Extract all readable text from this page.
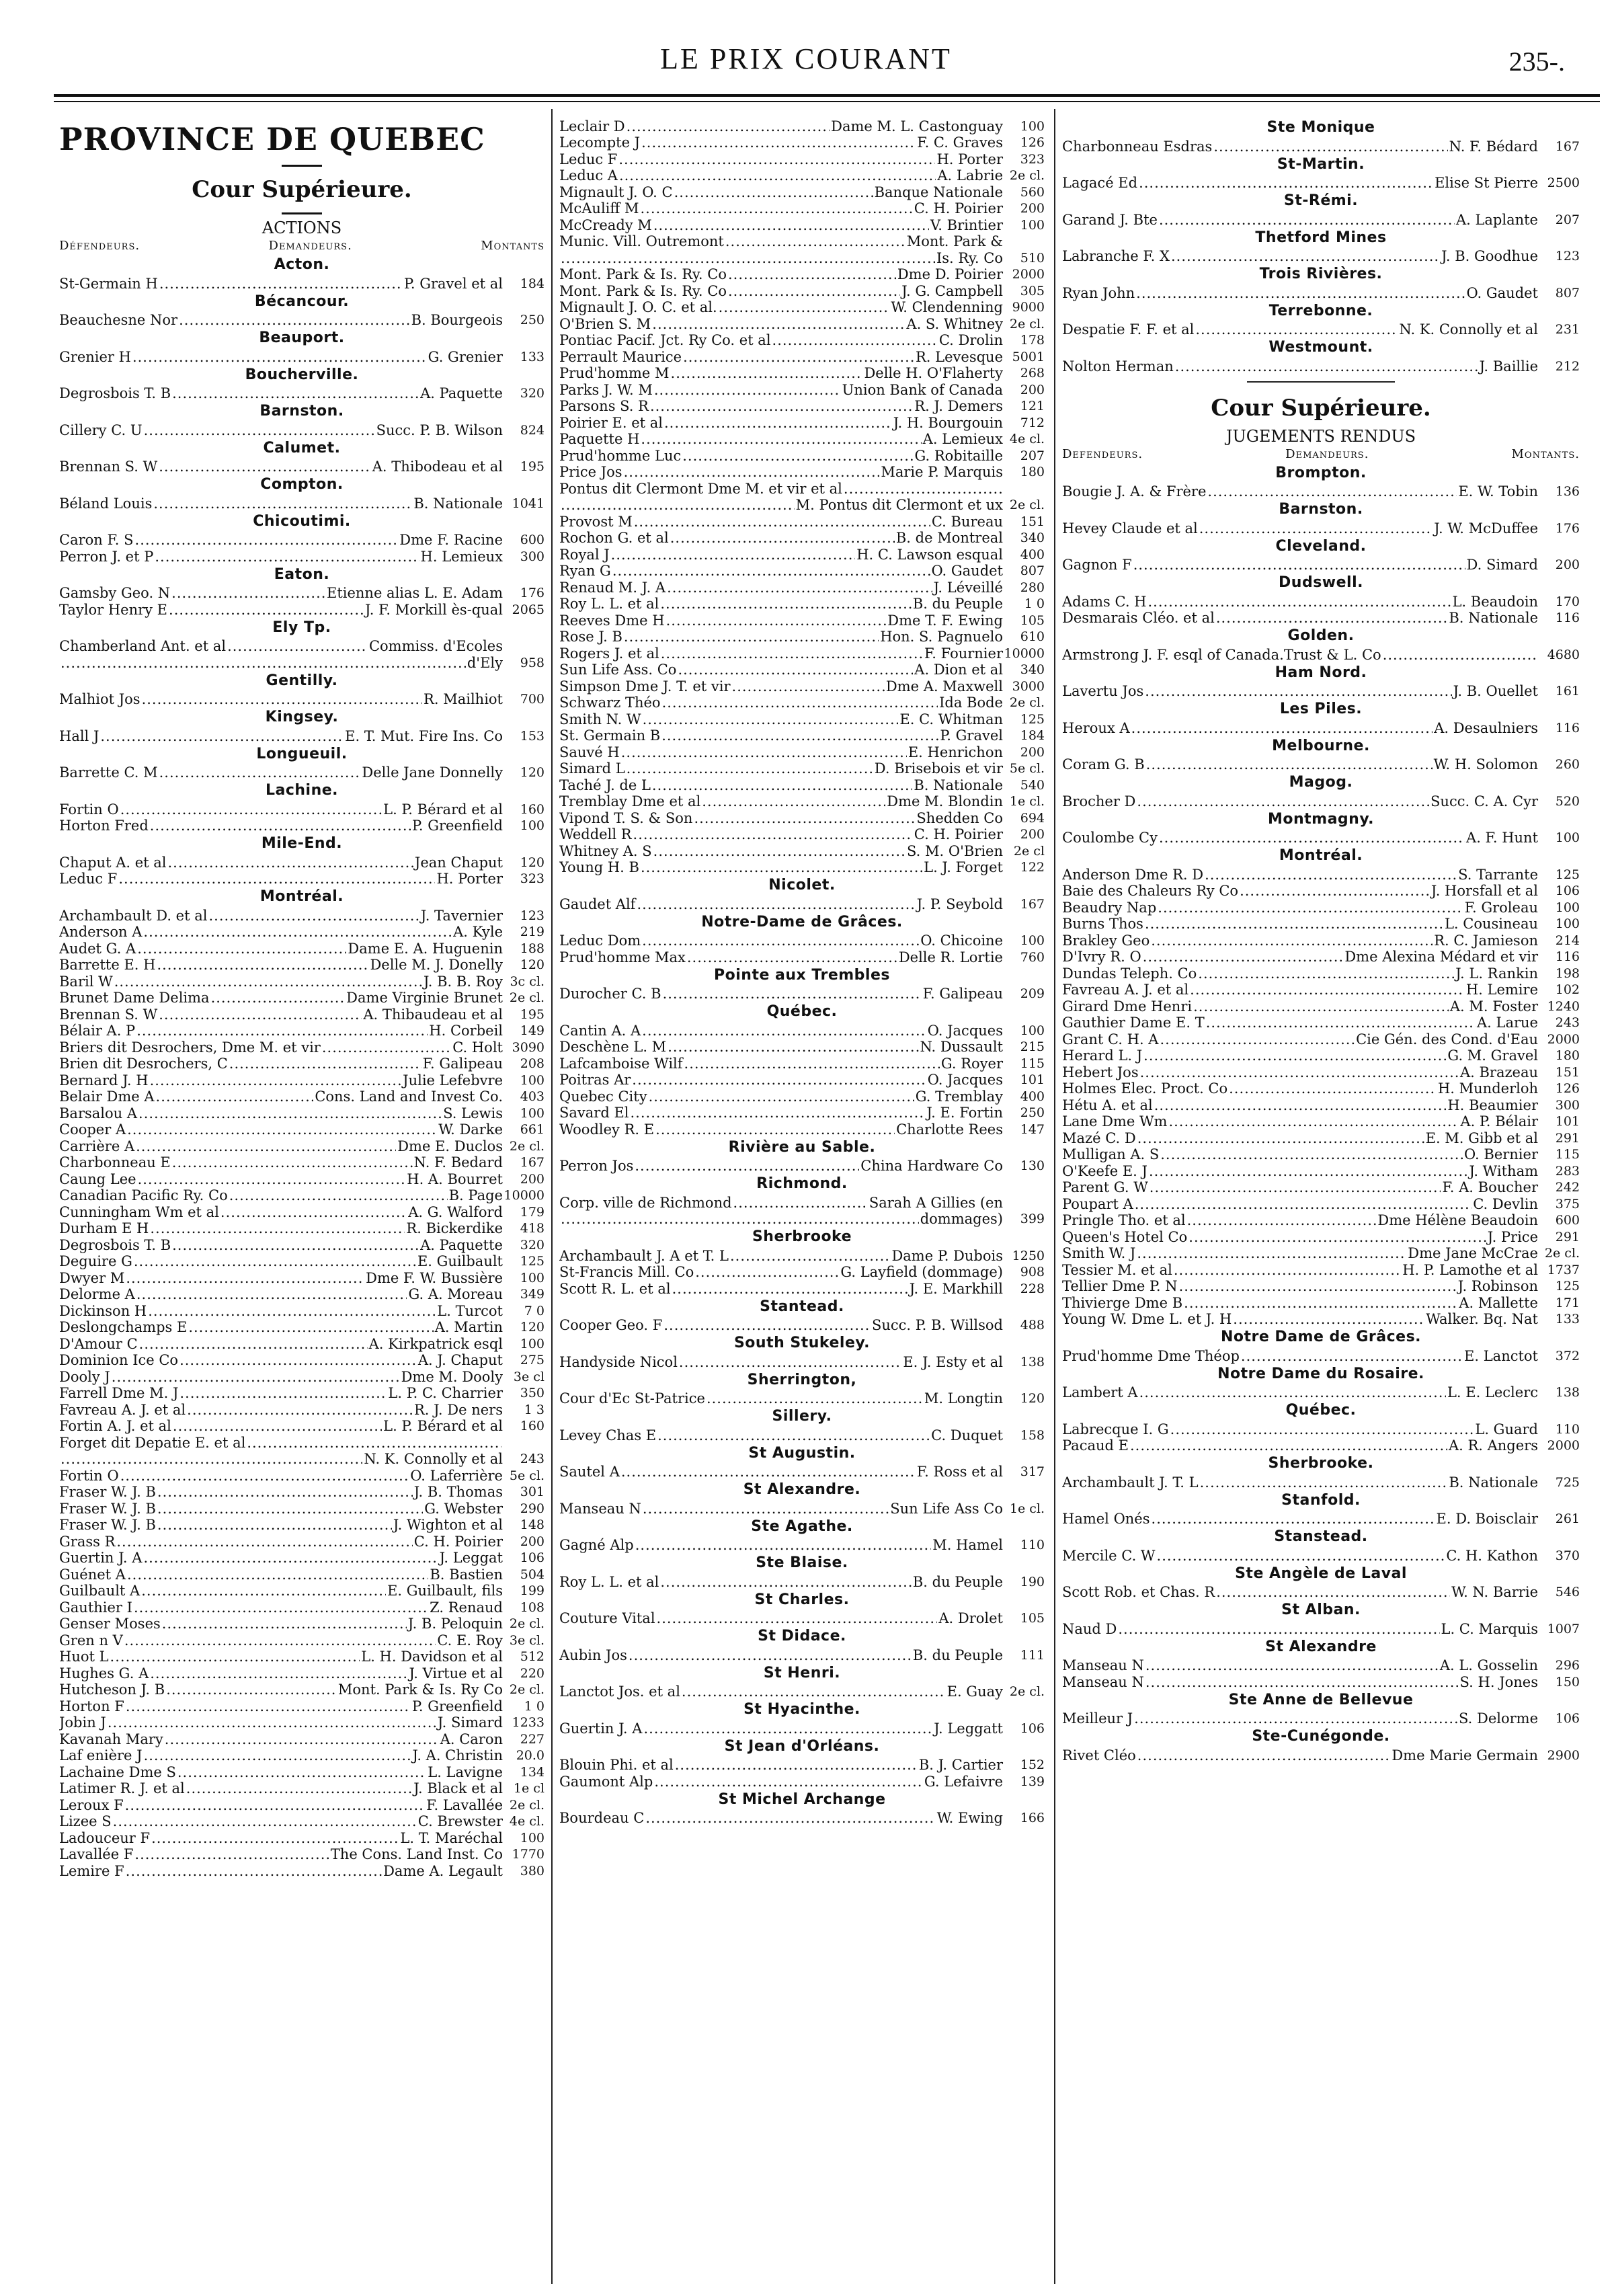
LE PRIX COURANT	235-.
PROVINCE DE QUEBEC
Cour Supérieure.
ACTIONS
Défendeurs.	Demandeurs.	Montants
Acton.
St-Germain H .....	P. Gravel et al	184
Bécancour.
Beauchesne Nor .....	B. Bourgeois	250
Beauport.
Grenier H .....	G. Grenier	133
Boucherville.
Degrosbois T. B .....	A. Paquette	320
Barnston.
Cillery C. U .....	Succ. P. B. Wilson	824
Calumet.
Brennan S. W .....	A. Thibodeau et al	195
Compton.
Béland Louis .....	B. Nationale 1041
Chicoutimi.
Caron F. S .....	Dme F. Racine	600
Perron J. et P .....	H. Lemieux	300
Eaton.
Gamsby Geo. N .....	Etienne alias L. E. Adam	176
Taylor Henry E .....	J. F. Morkill ès-qual 2065
Ely Tp.
Chamberland Ant. et al .....	Commiss. d'Ecoles
.....
d'Ely	958
Gentilly.
Malhiot Jos .....	R. Mailhiot	700
Kingsey.
Hall J .....	E. T. Mut. Fire Ins. Co	153
Longueuil.
Barrette C. M .....	Delle Jane Donnelly	120
Lachine.
Fortin O .....	L. P. Bérard et al	160
Horton Fred .....	P. Greenfield	100
Mile-End.
Chaput A. et al .....	Jean Chaput	120
Leduc F .....	H. Porter	323
Montréal.
Archambault D. et al .....	J. Tavernier	123
Anderson A .....	A. Kyle	219
Audet G. A .....	Dame E. A. Huguenin	188
Barrette E. H .....	Delle M. J. Donelly	120
Baril W .....	J. B. B. Roy 3c cl.
Brunet Dame Delima .....	Dame Virginie Brunet 2e cl.
Brennan S. W .....	A. Thibaudeau et al	195
Bélair A. P .....	H. Corbeil	149
Briers dit Desrochers, Dme M. et vir .....	C. Holt 3090
Brien dit Desrochers, C .....	F. Galipeau	208
Bernard J. H .....	Julie Lefebvre	100
Belair Dme A .....	Cons. Land and Invest Co.	403
Barsalou A .....	S. Lewis	100
Cooper A .....	W. Darke	661
Carrière A .....	Dme E. Duclos 2e cl.
Charbonneau E .....	N. F. Bedard	167
Caung Lee .....	H. A. Bourret	200
Canadian Pacific Ry. Co .....	B. Page 10000
Cunningham Wm et al .....	A. G. Walford	179
Durham E H .....	R. Bickerdike	418
Degrosbois T. B .....	A. Paquette	320
Deguire G .....	E. Guilbault	125
Dwyer M .....	Dme F. W. Bussière	100
Delorme A .....	G. A. Moreau	349
Dickinson H .....	L. Turcot	7 0
Deslongchamps E .....	A. Martin	120
D'Amour C .....	A. Kirkpatrick esql	100
Dominion Ice Co .....	A. J. Chaput	275
Dooly J .....	Dme M. Dooly 3e cl
Farrell Dme M. J .....	L. P. C. Charrier	350
Favreau A. J. et al .....	R. J. De ners	1 3
Fortin A. J. et al .....	L. P. Bérard et al	160
Forget dit Depatie E. et al
.....
.....
N. K. Connolly et al	243
Fortin O .....	O. Laferrière 5e cl.
Fraser W. J. B .....	J. B. Thomas	301
Fraser W. J. B .....	G. Webster	290
Fraser W. J. B .....	J. Wighton et al	148
Grass R .....	C. H. Poirier	200
Guertin J. A .....	J. Leggat	106
Guénet A .....	B. Bastien	504
Guilbault A .....	E. Guilbault, fils	199
Gauthier I .....	Z. Renaud	108
Genser Moses .....	J. B. Peloquin 2e cl.
Gren n V .....	C. E. Roy 3e cl.
Huot L .....	L. H. Davidson et al	512
Hughes G. A .....	J. Virtue et al	220
Hutcheson J. B .....	Mont. Park & Is. Ry Co 2e cl.
Horton F .....	P. Greenfield	1 0
Jobin J .....	J. Simard 1233
Kavanah Mary .....	A. Caron	227
Laf enière J .....	J. A. Christin	20.0
Lachaine Dme S .....	L. Lavigne	134
Latimer R. J. et al .....	J. Black et al 1e cl
Leroux F .....	F. Lavallée 2e cl.
Lizee S .....	C. Brewster 4e cl.
Ladouceur F .....	L. T. Maréchal	100
Lavallée F .....	The Cons. Land Inst. Co 1770
Lemire F .....	Dame A. Legault	380
Leclair D .....	Dame M. L. Castonguay	100
Lecompte J .....	F. C. Graves	126
Leduc F .....	H. Porter	323
Leduc A .....	A. Labrie 2e cl.
Mignault J. O. C .....	Banque Nationale	560
McAuliff M .....	C. H. Poirier	200
McCready M .....	V. Brintier	100
Munic. Vill. Outremont .....	Mont. Park &
.....
Is. Ry. Co	510
Mont. Park & Is. Ry. Co .....	Dme D. Poirier 2000
Mont. Park & Is. Ry. Co .....	J. G. Campbell	305
Mignault J. O. C. et al. .....	W. Clendenning 9000
O'Brien S. M .....	A. S. Whitney 2e cl.
Pontiac Pacif. Jct. Ry Co. et al .....	C. Drolin	178
Perrault Maurice .....	R. Levesque 5001
Prud'homme M .....	Delle H. O'Flaherty	268
Parks J. W. M .....	Union Bank of Canada	200
Parsons S. R .....	R. J. Demers	121
Poirier E. et al .....	J. H. Bourgouin	712
Paquette H .....	A. Lemieux 4e cl.
Prud'homme Luc .....	G. Robitaille	207
Price Jos .....	Marie P. Marquis	180
Pontus dit Clermont Dme M. et vir et al
.....
.....
M. Pontus dit Clermont et ux 2e cl.
Provost M .....	C. Bureau	151
Rochon G. et al .....	B. de Montreal	340
Royal J .....	H. C. Lawson esqual	400
Ryan G .....	O. Gaudet	807
Renaud M. J. A .....	J. Léveillé	280
Roy L. L. et al .....	B. du Peuple	1 0
Reeves Dme H .....	Dme T. F. Ewing	105
Rose J. B .....	Hon. S. Pagnuelo	610
Rogers J. et al .....	F. Fournier 10000
Sun Life Ass. Co .....	A. Dion et al	340
Simpson Dme J. T. et vir .....	Dme A. Maxwell 3000
Schwarz Théo .....	Ida Bode 2e cl.
Smith N. W .....	E. C. Whitman	125
St. Germain B .....	P. Gravel	184
Sauvé H .....	E. Henrichon	200
Simard L .....	D. Brisebois et vir 5e cl.
Taché J. de L .....	B. Nationale	540
Tremblay Dme et al .....	Dme M. Blondin 1e cl.
Vipond T. S. & Son .....	Shedden Co	694
Weddell R .....	C. H. Poirier	200
Whitney A. S .....	S. M. O'Brien 2e cl
Young H. B .....	L. J. Forget	122
Nicolet.
Gaudet Alf .....	J. P. Seybold	167
Notre-Dame de Grâces.
Leduc Dom .....	O. Chicoine	100
Prud'homme Max .....	Delle R. Lortie	760
Pointe aux Trembles
Durocher C. B .....	F. Galipeau	209
Québec.
Cantin A. A .....	O. Jacques	100
Deschène L. M .....	N. Dussault	215
Lafcamboise Wilf .....	G. Royer	115
Poitras Ar .....	O. Jacques	101
Quebec City .....	G. Tremblay	400
Savard El .....	J. E. Fortin	250
Woodley R. E .....	Charlotte Rees	147
Rivière au Sable.
Perron Jos .....	China Hardware Co	130
Richmond.
Corp. ville de Richmond .....	Sarah A Gillies (en
.....
dommages)	399
Sherbrooke
Archambault J. A et T. L .....	Dame P. Dubois 1250
St-Francis Mill. Co .....	G. Layfield (dommage)	908
Scott R. L. et al .....	J. E. Markhill	228
Stantead.
Cooper Geo. F .....	Succ. P. B. Willsod	488
South Stukeley.
Handyside Nicol .....	E. J. Esty et al	138
Sherrington,
Cour d'Ec St-Patrice .....	M. Longtin	120
Sillery.
Levey Chas E .....	C. Duquet	158
St Augustin.
Sautel A .....	F. Ross et al	317
St Alexandre.
Manseau N .....	Sun Life Ass Co 1e cl.
Ste Agathe.
Gagné Alp .....	M. Hamel	110
Ste Blaise.
Roy L. L. et al .....	B. du Peuple	190
St Charles.
Couture Vital .....	A. Drolet	105
St Didace.
Aubin Jos .....	B. du Peuple	111
St Henri.
Lanctot Jos. et al .....	E. Guay 2e cl.
St Hyacinthe.
Guertin J. A .....	J. Leggatt	106
St Jean d'Orléans.
Blouin Phi. et al .....	B. J. Cartier	152
Gaumont Alp .....	G. Lefaivre	139
St Michel Archange
Bourdeau C .....	W. Ewing	166
Ste Monique
Charbonneau Esdras .....	N. F. Bédard	167
St-Martin.
Lagacé Ed .....	Elise St Pierre 2500
St-Rémi.
Garand J. Bte .....	A. Laplante	207
Thetford Mines
Labranche F. X .....	J. B. Goodhue	123
Trois Rivières.
Ryan John .....	O. Gaudet	807
Terrebonne.
Despatie F. F. et al .....	N. K. Connolly et al	231
Westmount.
Nolton Herman .....	J. Baillie	212
Cour Supérieure.
JUGEMENTS RENDUS
Defendeurs.	Demandeurs.	Montants.
Brompton.
Bougie J. A. & Frère .....	E. W. Tobin	136
Barnston.
Hevey Claude et al .....	J. W. McDuffee	176
Cleveland.
Gagnon F .....	D. Simard	200
Dudswell.
Adams C. H .....	L. Beaudoin	170
Desmarais Cléo. et al .....	B. Nationale	116
Golden.
Armstrong J. F. esql of Canada.Trust & L. Co .....	4680
Ham Nord.
Lavertu Jos .....	J. B. Ouellet	161
Les Piles.
Heroux A .....	A. Desaulniers	116
Melbourne.
Coram G. B .....	W. H. Solomon	260
Magog.
Brocher D .....	Succ. C. A. Cyr	520
Montmagny.
Coulombe Cy .....	A. F. Hunt	100
Montréal.
Anderson Dme R. D .....	S. Tarrante	125
Baie des Chaleurs Ry Co .....	J. Horsfall et al	106
Beaudry Nap .....	F. Groleau	100
Burns Thos .....	L. Cousineau	100
Brakley Geo .....	R. C. Jamieson	214
D'Ivry R. O .....	Dme Alexina Médard et vir	116
Dundas Teleph. Co .....	J. L. Rankin	198
Favreau A. J. et al .....	H. Lemire	102
Girard Dme Henri .....	A. M. Foster 1240
Gauthier Dame E. T .....	A. Larue	243
Grant C. H. A .....	Cie Gén. des Cond. d'Eau 2000
Herard L. J .....	G. M. Gravel	180
Hebert Jos .....	A. Brazeau	151
Holmes Elec. Proct. Co .....	H. Munderloh	126
Hétu A. et al .....	H. Beaumier	300
Lane Dme Wm .....	A. P. Bélair	101
Mazé C. D .....	E. M. Gibb et al	291
Mulligan A. S .....	O. Bernier	115
O'Keefe E. J .....	J. Witham	283
Parent G. W .....	F. A. Boucher	242
Poupart A .....	C. Devlin	375
Pringle Tho. et al .....	Dme Hélène Beaudoin	600
Queen's Hotel Co .....	J. Price	291
Smith W. J .....	Dme Jane McCrae 2e cl.
Tessier M. et al .....	H. P. Lamothe et al 1737
Tellier Dme P. N .....	J. Robinson	125
Thivierge Dme B .....	A. Mallette	171
Young W. Dme L. et J. H .....	Walker. Bq. Nat	133
Notre Dame de Grâces.
Prud'homme Dme Théop .....	E. Lanctot	372
Notre Dame du Rosaire.
Lambert A .....	L. E. Leclerc	138
Québec.
Labrecque I. G .....	L. Guard	110
Pacaud E .....	A. R. Angers 2000
Sherbrooke.
Archambault J. T. L .....	B. Nationale	725
Stanfold.
Hamel Onés .....	E. D. Boisclair	261
Stanstead.
Mercile C. W .....	C. H. Kathon	370
Ste Angèle de Laval
Scott Rob. et Chas. R .....	W. N. Barrie	546
St Alban.
Naud D .....	L. C. Marquis 1007
St Alexandre
Manseau N .....	A. L. Gosselin	296
Manseau N .....	S. H. Jones	150
Ste Anne de Bellevue
Meilleur J .....	S. Delorme	106
Ste-Cunégonde.
Rivet Cléo .....	Dme Marie Germain 2900
